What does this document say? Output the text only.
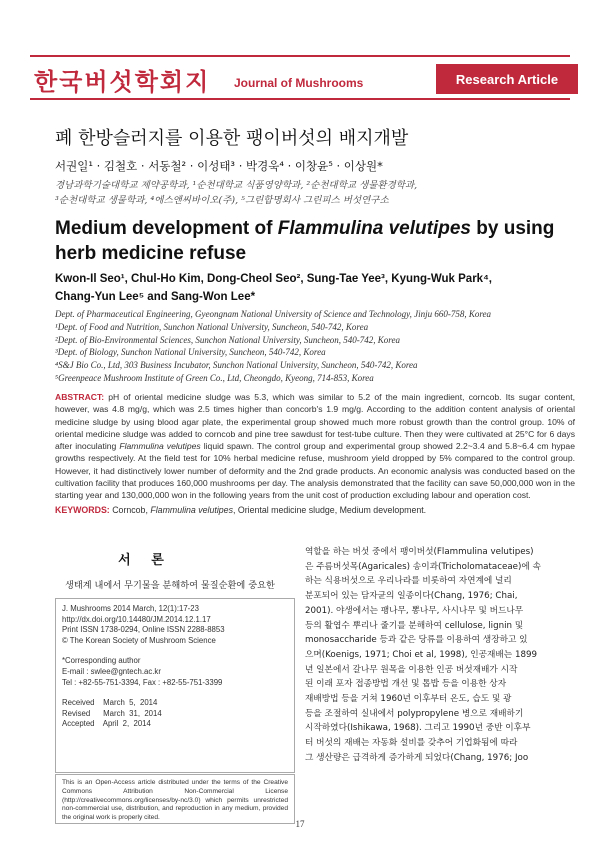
한국버섯학회지 Journal of Mushrooms	Research Article
폐 한방슬러지를 이용한 팽이버섯의 배지개발
서권일¹ · 김철호 · 서동철² · 이성태³ · 박경욱⁴ · 이창윤⁵ · 이상원*
경남과학기술대학교 제약공학과, ¹순천대학교 식품영양학과, ²순천대학교 생물환경학과,
³순천대학교 생물학과, ⁴에스앤씨바이오(주), ⁵그린합명회사 그린피스 버섯연구소
Medium development of Flammulina velutipes by using herb medicine refuse
Kwon-Il Seo¹, Chul-Ho Kim, Dong-Cheol Seo², Sung-Tae Yee³, Kyung-Wuk Park⁴,
Chang-Yun Lee⁵ and Sang-Won Lee*
Dept. of Pharmaceutical Engineering, Gyeongnam National University of Science and Technology, Jinju 660-758, Korea
¹Dept. of Food and Nutrition, Sunchon National University, Suncheon, 540-742, Korea
²Dept. of Bio-Environmental Sciences, Sunchon National University, Suncheon, 540-742, Korea
³Dept. of Biology, Sunchon National University, Suncheon, 540-742, Korea
⁴S&J Bio Co., Ltd, 303 Business Incubator, Sunchon National University, Suncheon, 540-742, Korea
⁵Greenpeace Mushroom Institute of Green Co., Ltd, Cheongdo, Kyeong, 714-853, Korea
ABSTRACT: pH of oriental medicine sludge was 5.3, which was similar to 5.2 of the main ingredient, corncob. Its sugar content, however, was 4.8 mg/g, which was 2.5 times higher than concorb's 1.9 mg/g. According to the addition content analysis of oriental medicine sludge by using blood agar plate, the experimental group showed much more robust growth than the control group. 10% of oriental medicine sludge was added to corncob and pine tree sawdust for test-tube culture. Then they were cultivated at 25°C for 6 days after inoculating Flammulina velutipes liquid spawn. The control group and experimental group showed 2.2~3.4 and 5.8~6.4 cm hypae growths respectively. At the field test for 10% herbal medicine refuse, mushroom yield dropped by 5% compared to the control group. However, it had distinctively lower number of deformity and the 2nd grade products. An economic analysis was conducted based on the cultivation facility that produces 160,000 mushrooms per day. The analysis demonstrated that the facility can save 50,000,000 won in the starting year and 130,000,000 won in the following years from the unit cost of production excluding labour and operation cost.
KEYWORDS: Corncob, Flammulina velutipes, Oriental medicine sludge, Medium development.
서 론
생태계 내에서 무기물을 분해하여 물질순환에 중요한
J. Mushrooms 2014 March, 12(1):17-23
http://dx.doi.org/10.14480/JM.2014.12.1.17
Print ISSN 1738-0294, Online ISSN 2288-8853
© The Korean Society of Mushroom Science
*Corresponding author
E-mail : swlee@gntech.ac.kr
Tel : +82-55-751-3394, Fax : +82-55-751-3399
Received    March  5,  2014
Revised      March  31,  2014
Accepted    April  2,  2014
This is an Open-Access article distributed under the terms of the Creative Commons Attribution Non-Commercial License (http://creativecommons.org/licenses/by-nc/3.0) which permits unrestricted non-commercial use, distribution, and reproduction in any medium, provided the original work is properly cited.
역할을 하는 버섯 중에서 팽이버섯(Flammulina velutipes)
은 주름버섯목(Agaricales) 송이과(Tricholomataceae)에 속
하는 식용버섯으로 우리나라를 비롯하여 자연계에 널리
분포되어 있는 담자균의 일종이다(Chang, 1976; Chai,
2001). 야생에서는 팽나무, 뽕나무, 사시나무 및 버드나무
등의 활엽수 뿌리나 줄기를 분해하여 cellulose, lignin 및
monosaccharide 등과 같은 당류를 이용하여 생장하고 있
으며(Koenigs, 1971; Choi et al, 1998), 인공재배는 1899
년 일본에서 갈나무 원목을 이용한 인공 버섯재배가 시작
된 이래 포자 접종방법 개선 및 톱밥 등을 이용한 상자
재배방법 등을 거쳐 1960년 이후부터 온도, 습도 및 광
등을 조절하여 실내에서 polypropylene 병으로 재배하기
시작하였다(Ishikawa, 1968). 그리고 1990년 중반 이후부
터 버섯의 재배는 자동화 설비를 갖추어 기업화됨에 따라
그 생산량은 급격하게 증가하게 되었다(Chang, 1976; Joo
17
